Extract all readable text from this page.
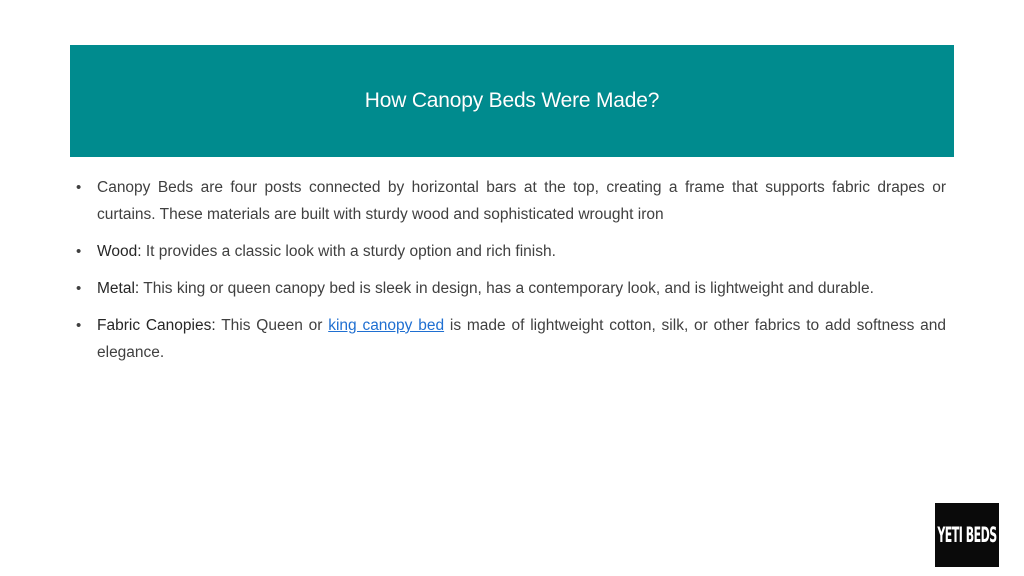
How Canopy Beds Were Made?
• Canopy Beds are four posts connected by horizontal bars at the top, creating a frame that supports fabric drapes or curtains. These materials are built with sturdy wood and sophisticated wrought iron
• Wood: It provides a classic look with a sturdy option and rich finish.
• Metal: This king or queen canopy bed is sleek in design, has a contemporary look, and is lightweight and durable.
• Fabric Canopies: This Queen or king canopy bed is made of lightweight cotton, silk, or other fabrics to add softness and elegance.
YETI BEDS
